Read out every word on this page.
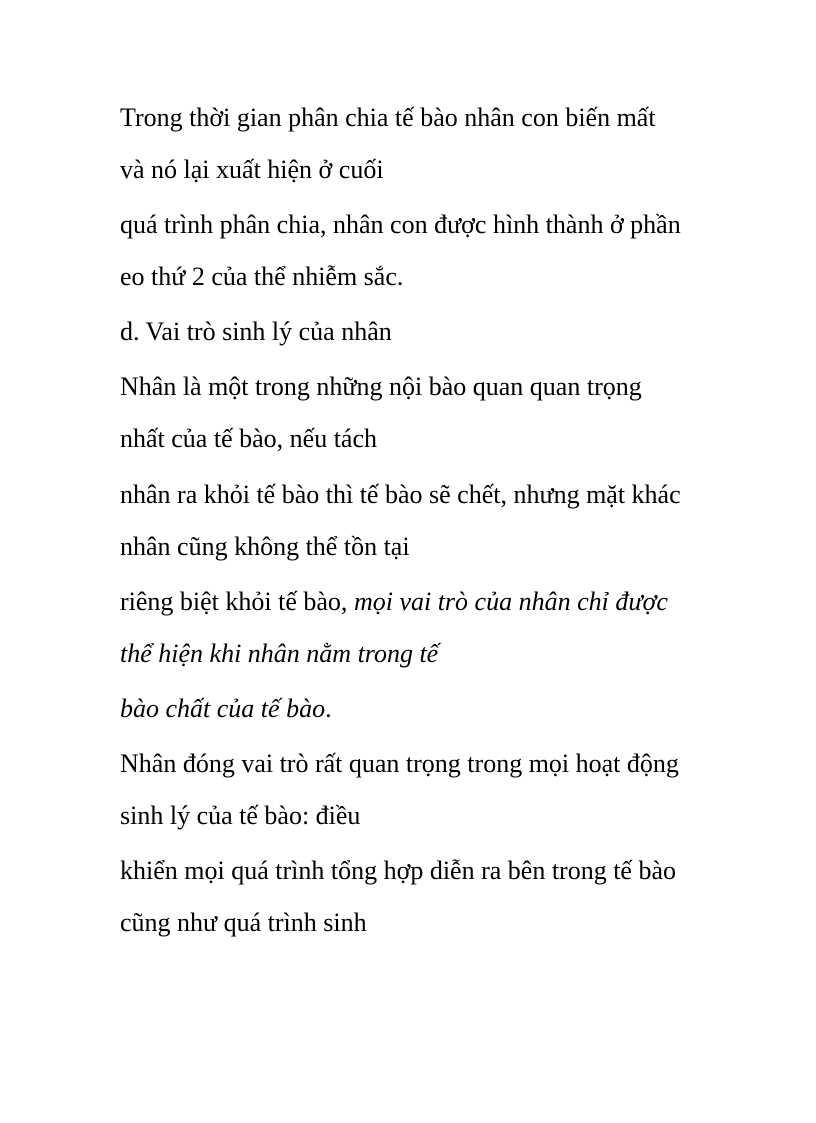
Trong thời gian phân chia tế bào nhân con biến mất

và nó lại xuất hiện ở cuối

quá trình phân chia, nhân con được hình thành ở phần

eo thứ 2 của thể nhiễm sắc.

d. Vai trò sinh lý của nhân

Nhân là một trong những nội bào quan quan trọng

nhất của tế bào, nếu tách

nhân ra khỏi tế bào thì tế bào sẽ chết, nhưng mặt khác

nhân cũng không thể tồn tại

riêng biệt khỏi tế bào, mọi vai trò của nhân chỉ được

thể hiện khi nhân nằm trong tế

bào chất của tế bào.

Nhân đóng vai trò rất quan trọng trong mọi hoạt động

sinh lý của tế bào: điều

khiển mọi quá trình tổng hợp diễn ra bên trong tế bào

cũng như quá trình sinh
